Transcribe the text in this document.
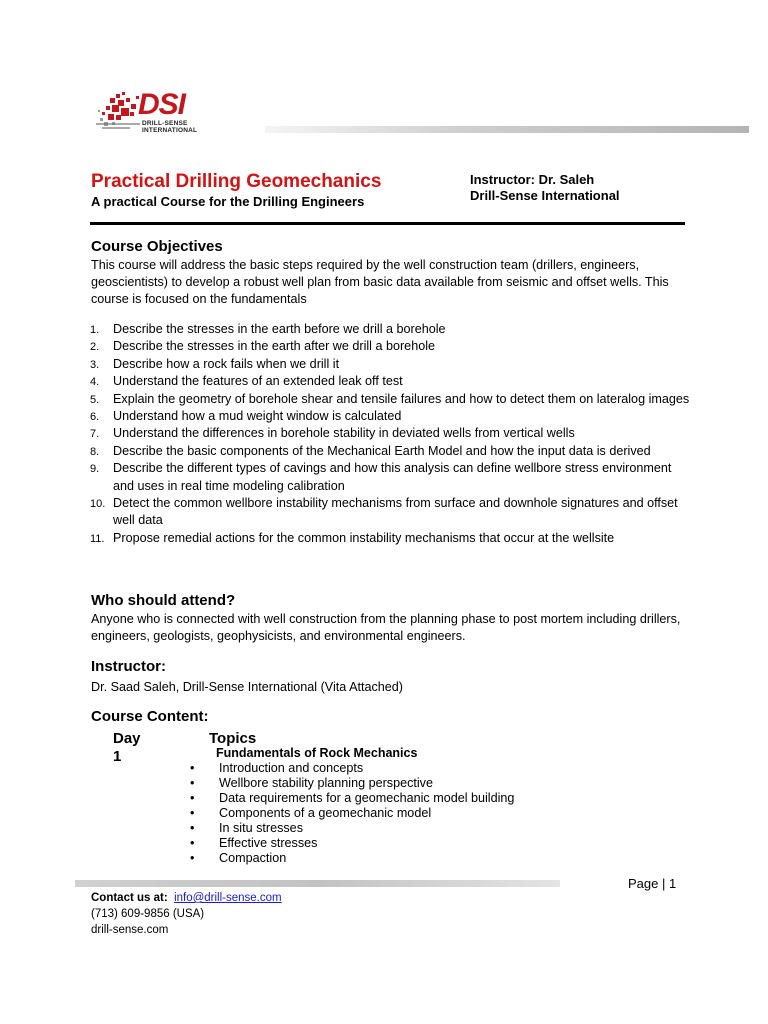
DSI
DRILL-SENSE
INTERNATIONAL
Practical Drilling Geomechanics
A practical Course for the Drilling Engineers
Instructor: Dr. Saleh
Drill-Sense International
Course Objectives

This course will address the basic steps required by the well construction team (drillers, engineers, geoscientists) to develop a robust well plan from basic data available from seismic and offset wells. This course is focused on the fundamentals

1. Describe the stresses in the earth before we drill a borehole
2. Describe the stresses in the earth after we drill a borehole
3. Describe how a rock fails when we drill it
4. Understand the features of an extended leak off test
5. Explain the geometry of borehole shear and tensile failures and how to detect them on lateralog images
6. Understand how a mud weight window is calculated
7. Understand the differences in borehole stability in deviated wells from vertical wells
8. Describe the basic components of the Mechanical Earth Model and how the input data is derived
9. Describe the different types of cavings and how this analysis can define wellbore stress environment and uses in real time modeling calibration
10. Detect the common wellbore instability mechanisms from surface and downhole signatures and offset well data
11. Propose remedial actions for the common instability mechanisms that occur at the wellsite
Who should attend?

Anyone who is connected with well construction from the planning phase to post mortem including drillers, engineers, geologists, geophysicists, and environmental engineers.

Instructor:

Dr. Saad Saleh, Drill-Sense International (Vita Attached)

Course Content:
Day
1
Topics
Fundamentals of Rock Mechanics
• Introduction and concepts
• Wellbore stability planning perspective
• Data requirements for a geomechanic model building
• Components of a geomechanic model
• In situ stresses
• Effective stresses
• Compaction
Page | 1
Contact us at: info@drill-sense.com
(713) 609-9856 (USA)
drill-sense.com
